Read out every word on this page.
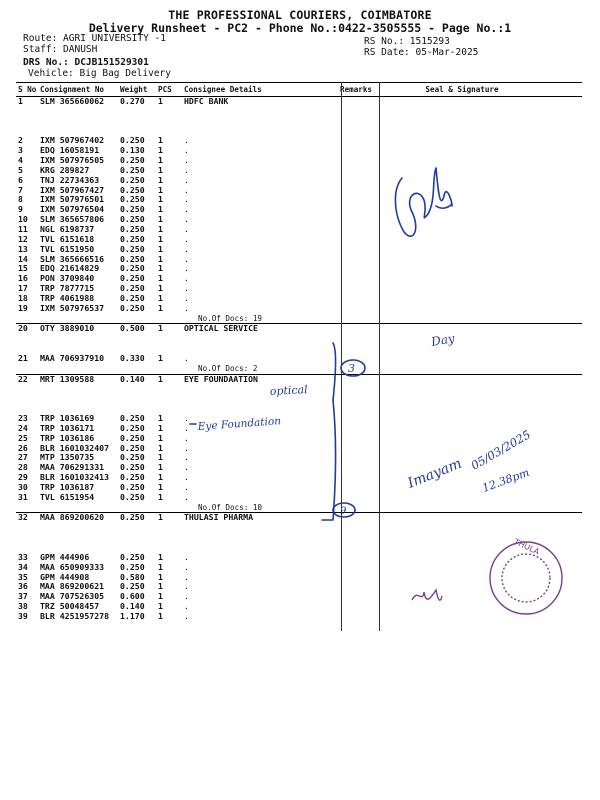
THE PROFESSIONAL COURIERS, COIMBATORE
Delivery Runsheet - PC2 - Phone No.:0422-3505555 - Page No.:1
Route: AGRI UNIVERSITY -1
Staff: DANUSH
DRS No.: DCJB151529301
Vehicle: Big Bag Delivery
RS No.: 1515293
RS Date: 05-Mar-2025
S No	Consignment No	Weight	PCS	Consignee Details	Remarks	Seal & Signature
1	SLM 365660062	0.270	1	HDFC BANK		

2	IXM 507967402	0.250	1	.		
3	EDQ 16058191	0.130	1	.		
4	IXM 507976505	0.250	1	.		
5	KRG 289827	0.250	1	.		
6	TNJ 22734363	0.250	1	.		
7	IXM 507967427	0.250	1	.		
8	IXM 507976501	0.250	1	.		
9	IXM 507976504	0.250	1	.		
10	SLM 365657806	0.250	1	.		
11	NGL 6198737	0.250	1	.		
12	TVL 6151618	0.250	1	.		
13	TVL 6151950	0.250	1	.		
14	SLM 365666516	0.250	1	.		
15	EDQ 21614829	0.250	1	.		
16	PON 3709840	0.250	1	.		
17	TRP 7877715	0.250	1	.		
18	TRP 4061988	0.250	1	.		
19	IXM 507976537	0.250	1	.		
				No.Of Docs: 19		
20	OTY 3889010	0.500	1	OPTICAL SERVICE		

21	MAA 706937910	0.330	1	.		
				No.Of Docs: 2		
22	MRT 1309588	0.140	1	EYE FOUNDAATION		

23	TRP 1036169	0.250	1	.		
24	TRP 1036171	0.250	1	.		
25	TRP 1036186	0.250	1	.		
26	BLR 1601032407	0.250	1	.		
27	MTP 1350735	0.250	1	.		
28	MAA 706291331	0.250	1	.		
29	BLR 1601032413	0.250	1	.		
30	TRP 1036187	0.250	1	.		
31	TVL 6151954	0.250	1	.		
				No.Of Docs: 10		
32	MAA 869200620	0.250	1	THULASI PHARMA		

33	GPM 444906	0.250	1	.		
34	MAA 650909333	0.250	1	.		
35	GPM 444908	0.580	1	.		
36	MAA 869200621	0.250	1	.		
37	MAA 707526305	0.600	1	.		
38	TRZ 50048457	0.140	1	.		
39	BLR 4251957278	1.170	1	.		

optical
Eye Foundation
3
9
Day
Imayam
05/03/2025
12.38pm
THULA
